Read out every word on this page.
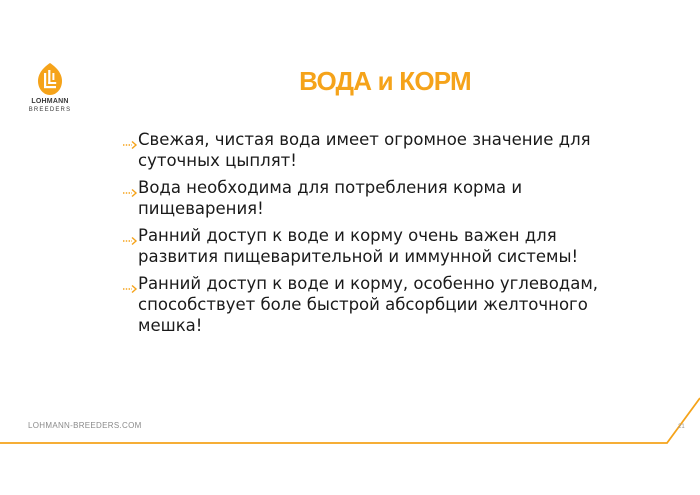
LOHMANN
BREEDERS
ВОДА и КОРМ
Свежая, чистая вода имеет огромное значение для
суточных цыплят!
Вода необходима для потребления корма и
пищеварения!
Ранний доступ к воде и корму очень важен для
развития пищеварительной и иммунной системы!
Ранний доступ к воде и корму, особенно углеводам,
способствует боле быстрой абсорбции желточного
мешка!
LOHMANN-BREEDERS.COM	21
